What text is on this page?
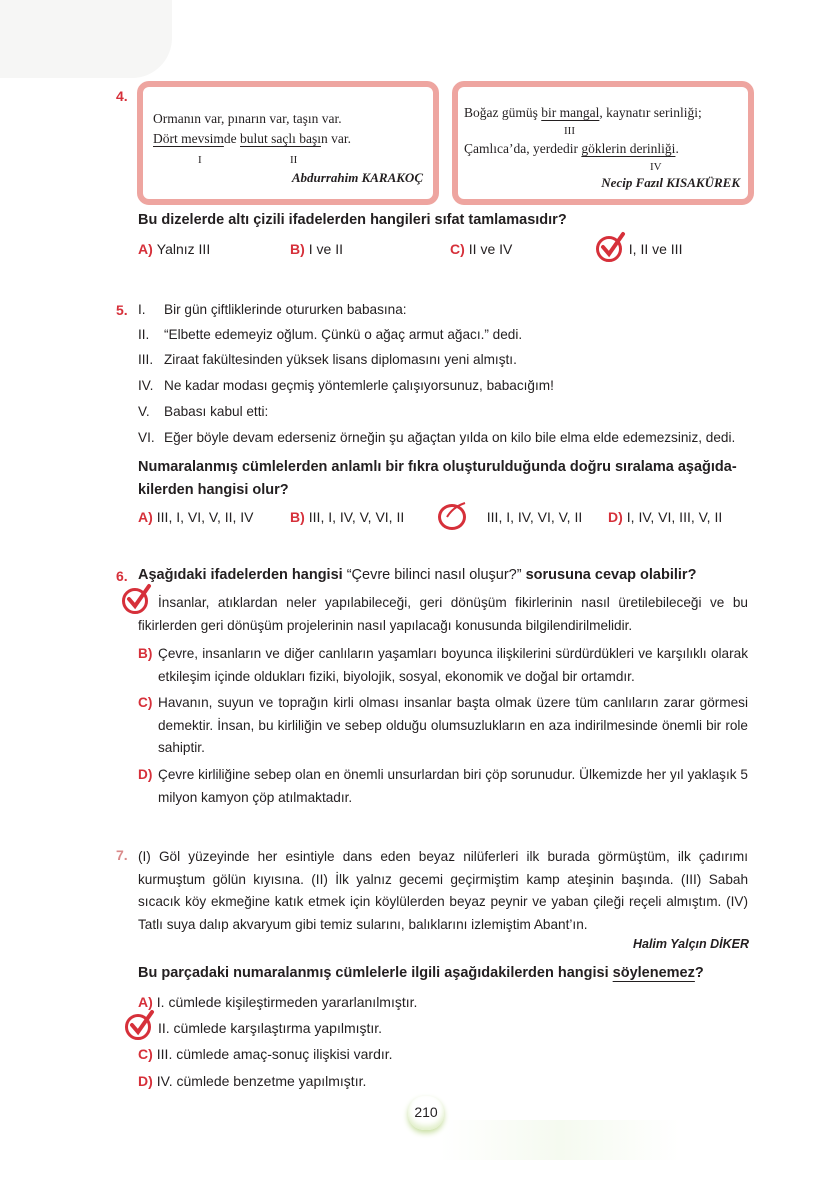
4.
Ormanın var, pınarın var, taşın var.
Dört mevsimde bulut saçlı başın var.
I	II
Abdurrahim KARAKOÇ
Boğaz gümüş bir mangal, kaynatır serinliği;
III
Çamlıca’da, yerdedir göklerin derinliği.
IV
Necip Fazıl KISAKÜREK
Bu dizelerde altı çizili ifadelerden hangileri sıfat tamlamasıdır?
A) Yalnız III	B) I ve II	C) II ve IV	I, II ve III
5. I. Bir gün çiftliklerinde otururken babasına:
II. “Elbette edemeyiz oğlum. Çünkü o ağaç armut ağacı.” dedi.
III. Ziraat fakültesinden yüksek lisans diplomasını yeni almıştı.
IV. Ne kadar modası geçmiş yöntemlerle çalışıyorsunuz, babacığım!
V. Babası kabul etti:
VI. Eğer böyle devam ederseniz örneğin şu ağaçtan yılda on kilo bile elma elde edemezsiniz, dedi.
Numaralanmış cümlelerden anlamlı bir fıkra oluşturulduğunda doğru sıralama aşağıda-
kilerden hangisi olur?
A) III, I, VI, V, II, IV	B) III, I, IV, V, VI, II	III, I, IV, VI, V, II D) I, IV, VI, III, V, II
6. Aşağıdaki ifadelerden hangisi “Çevre bilinci nasıl oluşur?” sorusuna cevap olabilir?
İnsanlar, atıklardan neler yapılabileceği, geri dönüşüm fikirlerinin nasıl üretilebileceği ve bu fikirlerden geri dönüşüm projelerinin nasıl yapılacağı konusunda bilgilendirilmelidir.
B) Çevre, insanların ve diğer canlıların yaşamları boyunca ilişkilerini sürdürdükleri ve karşılıklı olarak etkileşim içinde oldukları fiziki, biyolojik, sosyal, ekonomik ve doğal bir ortamdır.
C) Havanın, suyun ve toprağın kirli olması insanlar başta olmak üzere tüm canlıların zarar görmesi demektir. İnsan, bu kirliliğin ve sebep olduğu olumsuzlukların en aza indirilmesinde önemli bir role sahiptir.
D) Çevre kirliliğine sebep olan en önemli unsurlardan biri çöp sorunudur. Ülkemizde her yıl yaklaşık 5 milyon kamyon çöp atılmaktadır.
7. (I) Göl yüzeyinde her esintiyle dans eden beyaz nilüferleri ilk burada görmüştüm, ilk çadırımı kurmuştum gölün kıyısına. (II) İlk yalnız gecemi geçirmiştim kamp ateşinin başında. (III) Sabah sıcacık köy ekmeğine katık etmek için köylülerden beyaz peynir ve yaban çileği reçeli almıştım. (IV) Tatlı suya dalıp akvaryum gibi temiz sularını, balıklarını izlemiştim Abant’ın.
Halim Yalçın DİKER
Bu parçadaki numaralanmış cümlelerle ilgili aşağıdakilerden hangisi söylenemez?
A) I. cümlede kişileştirmeden yararlanılmıştır.
II. cümlede karşılaştırma yapılmıştır.
C) III. cümlede amaç-sonuç ilişkisi vardır.
D) IV. cümlede benzetme yapılmıştır.
210
